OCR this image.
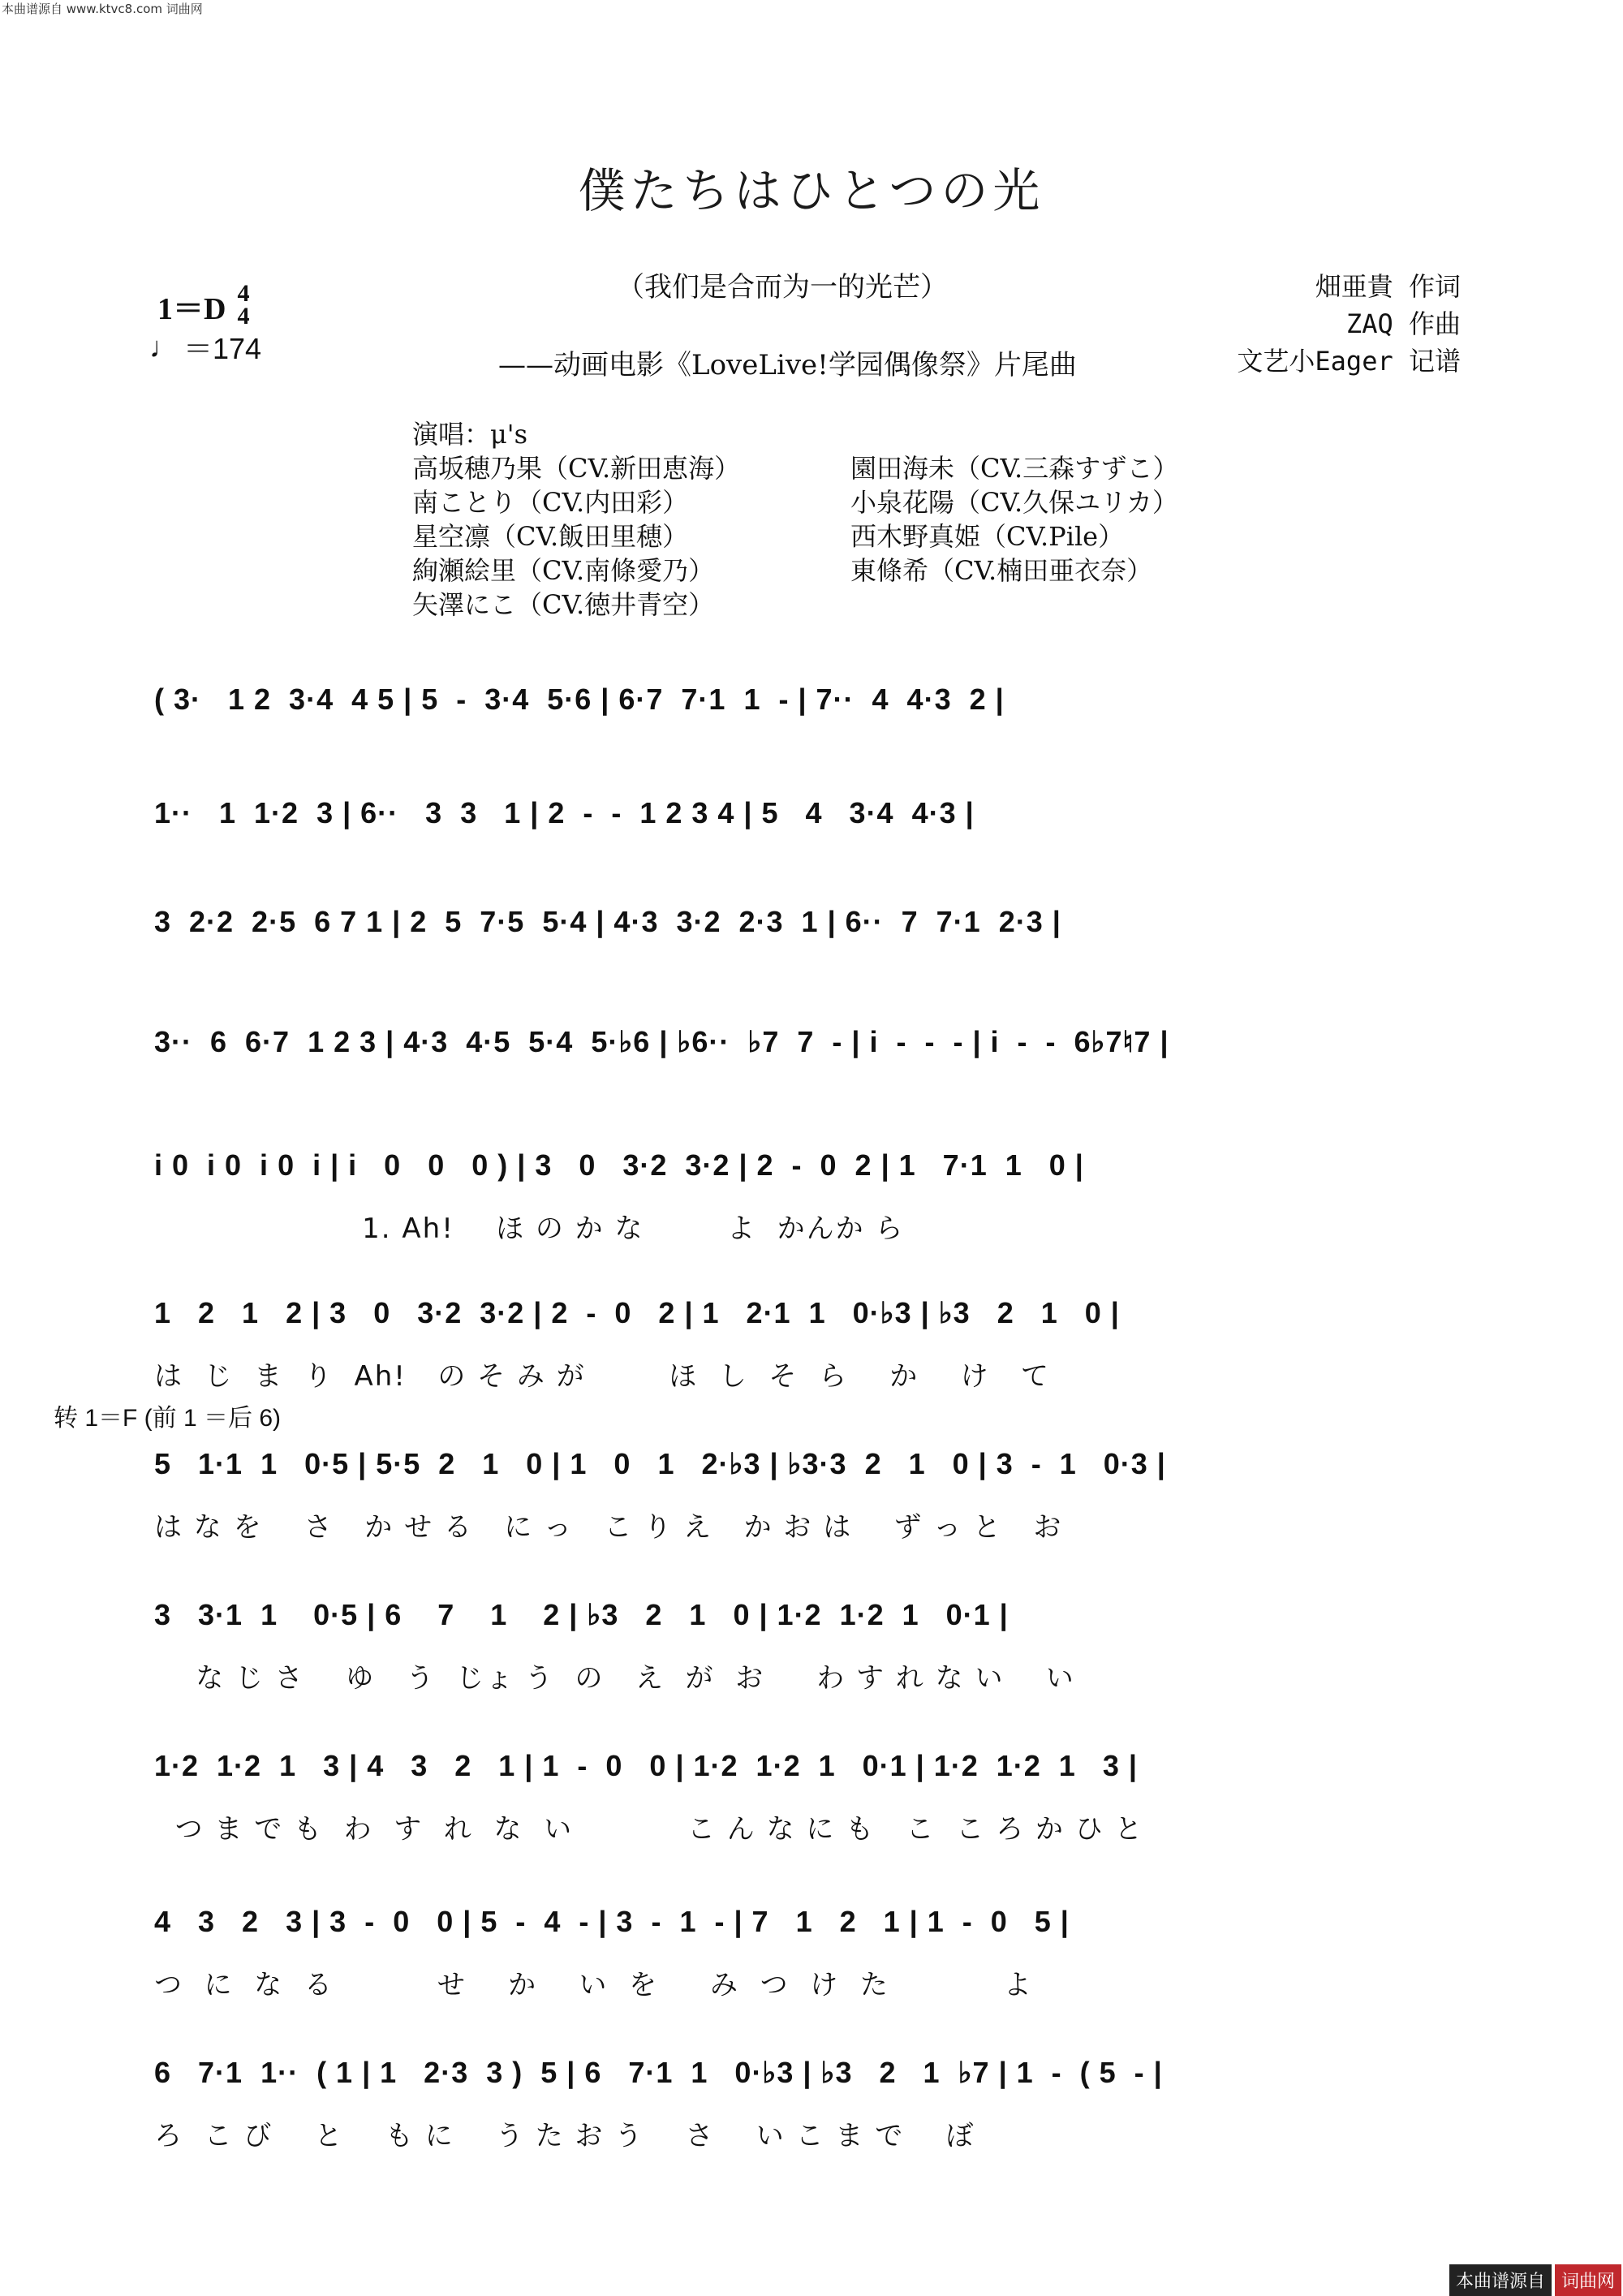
本曲谱源自 www.ktvc8.com 词曲网
僕たちはひとつの光
（我们是合而为一的光芒）
——动画电影《LoveLive!学园偶像祭》片尾曲
1＝D 4
4
♩ ＝174
畑亜貴 作词
ZAQ 作曲
文艺小Eager 记谱
演唱：μ's
高坂穂乃果（CV.新田恵海）	園田海未（CV.三森すずこ）
南ことり（CV.内田彩）	小泉花陽（CV.久保ユリカ）
星空凛（CV.飯田里穂）	西木野真姫（CV.Pile）
絢瀬絵里（CV.南條愛乃）	東條希（CV.楠田亜衣奈）
矢澤にこ（CV.徳井青空）
转 1＝F (前 1 ＝后 6)
( 3·   1 2  3·4  4 5 | 5  -  3·4  5·6 | 6·7  7·1  1  - | 7··  4  4·3  2 |
1··   1  1·2  3 | 6··   3  3   1 | 2  -  -  1 2 3 4 | 5   4   3·4  4·3 |
3  2·2  2·5  6 7 1 | 2  5  7·5  5·4 | 4·3  3·2  2·3  1 | 6··  7  7·1  2·3 |
3··  6  6·7  1 2 3 | 4·3  4·5  5·4  5·♭6 | ♭6··  ♭7  7  - | i  -  -  - | i  -  -  6♭7♮7 |
i 0  i 0  i 0  i | i   0   0   0 ) | 3   0   3·2  3·2 | 2  -  0  2 | 1   7·1  1   0 |
1. Ah!    ほ の か な        よ  かんか ら
1   2   1   2 | 3   0   3·2  3·2 | 2  -  0   2 | 1   2·1  1   0·♭3 | ♭3   2   1   0 |
は  じ  ま  り  Ah!   の そ み が        ほ  し  そ  ら    か    け   て
5   1·1  1   0·5 | 5·5  2   1   0 | 1   0   1   2·♭3 | ♭3·3  2   1   0 | 3  -  1   0·3 |
は な を    さ   か せ る   に っ   こ り え   か お は    ず っ と   お
3   3·1  1    0·5 | 6    7    1    2 | ♭3   2   1   0 | 1·2  1·2  1   0·1 |
な じ さ    ゆ   う  じょ う  の   え  が  お     わ す れ な い    い
1·2  1·2  1   3 | 4   3   2   1 | 1  -  0   0 | 1·2  1·2  1   0·1 | 1·2  1·2  1   3 |
つ ま で も  わ  す  れ  な  い           こ ん な に も   こ  こ ろ か ひ と
4   3   2   3 | 3  -  0   0 | 5  -  4  - | 3  -  1  - | 7   1   2   1 | 1  -  0   5 |
つ  に  な  る          せ    か    い  を     み  つ  け  た           よ
6   7·1  1··  ( 1 | 1   2·3  3 )  5 | 6   7·1  1   0·♭3 | ♭3   2   1  ♭7 | 1  -  ( 5  - |
ろ  こ び    と    も に    う た お う    さ    い こ ま で    ぼ
本曲谱源自 词曲网
